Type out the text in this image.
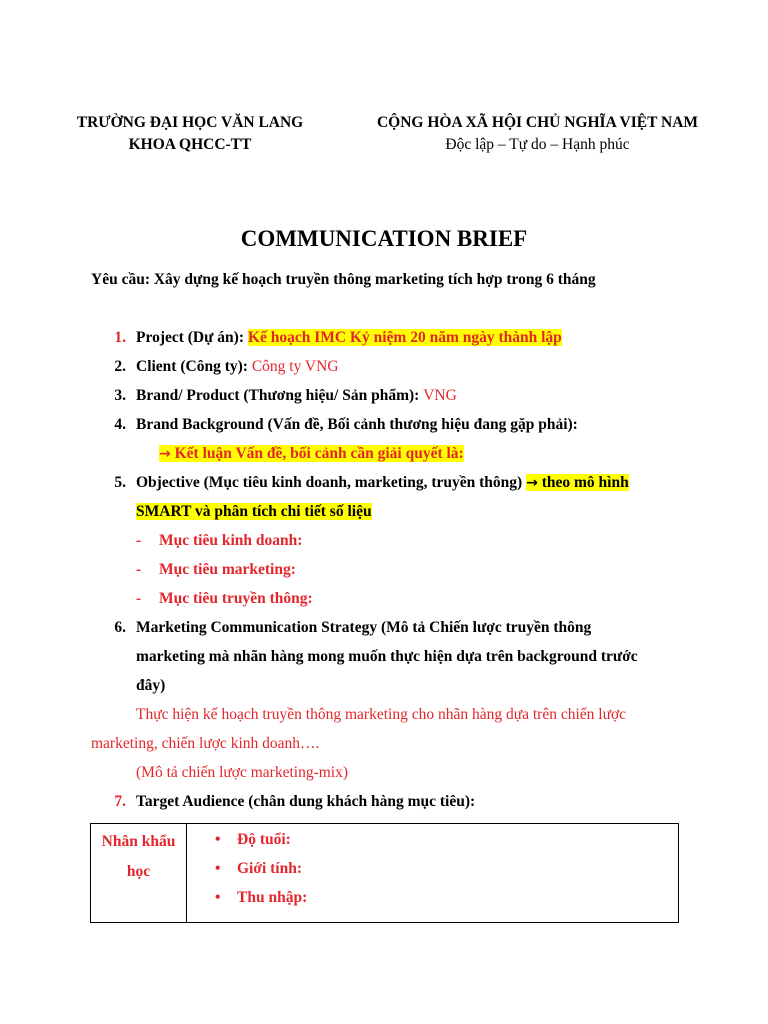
TRƯỜNG ĐẠI HỌC VĂN LANG
KHOA QHCC-TT
CỘNG HÒA XÃ HỘI CHỦ NGHĨA VIỆT NAM
Độc lập – Tự do – Hạnh phúc
COMMUNICATION BRIEF
Yêu cầu: Xây dựng kế hoạch truyền thông marketing tích hợp trong 6 tháng
1. Project (Dự án): Kế hoạch IMC Kỷ niệm 20 năm ngày thành lập
2. Client (Công ty): Công ty VNG
3. Brand/ Product (Thương hiệu/ Sản phẩm): VNG
4. Brand Background (Vấn đề, Bối cảnh thương hiệu đang gặp phải):
→ Kết luận Vấn đề, bối cảnh cần giải quyết là:
5. Objective (Mục tiêu kinh doanh, marketing, truyền thông) → theo mô hình
SMART và phân tích chi tiết số liệu
- Mục tiêu kinh doanh:
- Mục tiêu marketing:
- Mục tiêu truyền thông:
6. Marketing Communication Strategy (Mô tả Chiến lược truyền thông
marketing mà nhãn hàng mong muốn thực hiện dựa trên background trước
đây)
Thực hiện kế hoạch truyền thông marketing cho nhãn hàng dựa trên chiến lược
marketing, chiến lược kinh doanh….
(Mô tả chiến lược marketing-mix)
7. Target Audience (chân dung khách hàng mục tiêu):
Nhân khẩu
học
• Độ tuổi:
• Giới tính:
• Thu nhập:
